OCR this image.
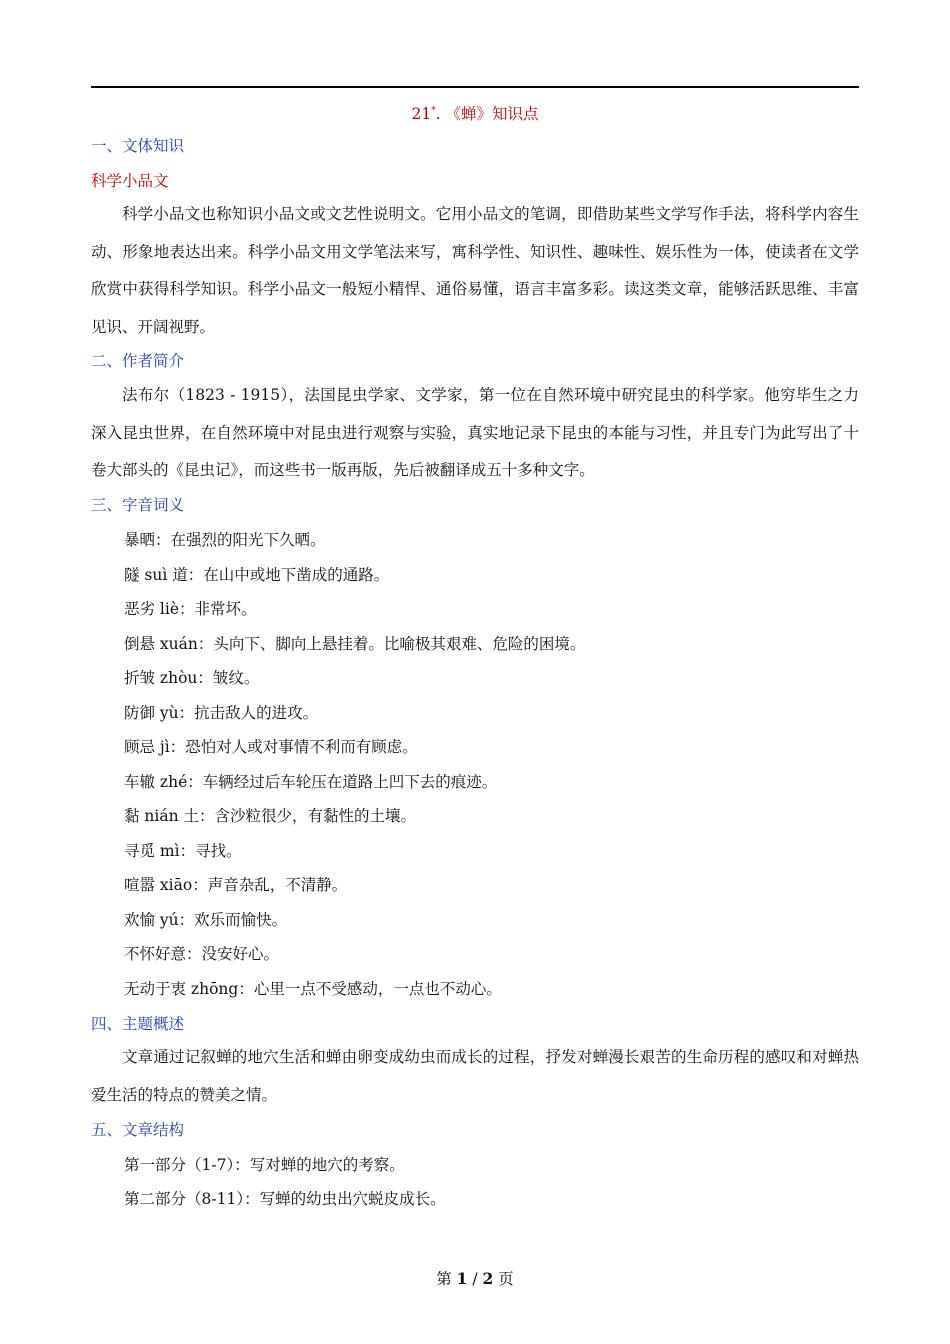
21*. 《蝉》知识点
一、文体知识
科学小品文
科学小品文也称知识小品文或文艺性说明文。它用小品文的笔调，即借助某些文学写作手法，将科学内容生动、形象地表达出来。科学小品文用文学笔法来写，寓科学性、知识性、趣味性、娱乐性为一体，使读者在文学欣赏中获得科学知识。科学小品文一般短小精悍、通俗易懂，语言丰富多彩。读这类文章，能够活跃思维、丰富见识、开阔视野。
二、作者简介
法布尔（1823 - 1915），法国昆虫学家、文学家，第一位在自然环境中研究昆虫的科学家。他穷毕生之力深入昆虫世界，在自然环境中对昆虫进行观察与实验，真实地记录下昆虫的本能与习性，并且专门为此写出了十卷大部头的《昆虫记》，而这些书一版再版，先后被翻译成五十多种文字。
三、字音词义
暴晒：在强烈的阳光下久晒。
隧 suì 道：在山中或地下凿成的通路。
恶劣 liè：非常坏。
倒悬 xuán：头向下、脚向上悬挂着。比喻极其艰难、危险的困境。
折皱 zhòu：皱纹。
防御 yù：抗击敌人的进攻。
顾忌 jì：恐怕对人或对事情不利而有顾虑。
车辙 zhé：车辆经过后车轮压在道路上凹下去的痕迹。
黏 nián 土：含沙粒很少，有黏性的土壤。
寻觅 mì：寻找。
喧嚣 xiāo：声音杂乱，不清静。
欢愉 yú：欢乐而愉快。
不怀好意：没安好心。
无动于衷 zhōng：心里一点不受感动，一点也不动心。
四、主题概述
文章通过记叙蝉的地穴生活和蝉由卵变成幼虫而成长的过程，抒发对蝉漫长艰苦的生命历程的感叹和对蝉热爱生活的特点的赞美之情。
五、文章结构
第一部分（1-7）：写对蝉的地穴的考察。
第二部分（8-11）：写蝉的幼虫出穴蜕皮成长。
第 1 / 2 页
